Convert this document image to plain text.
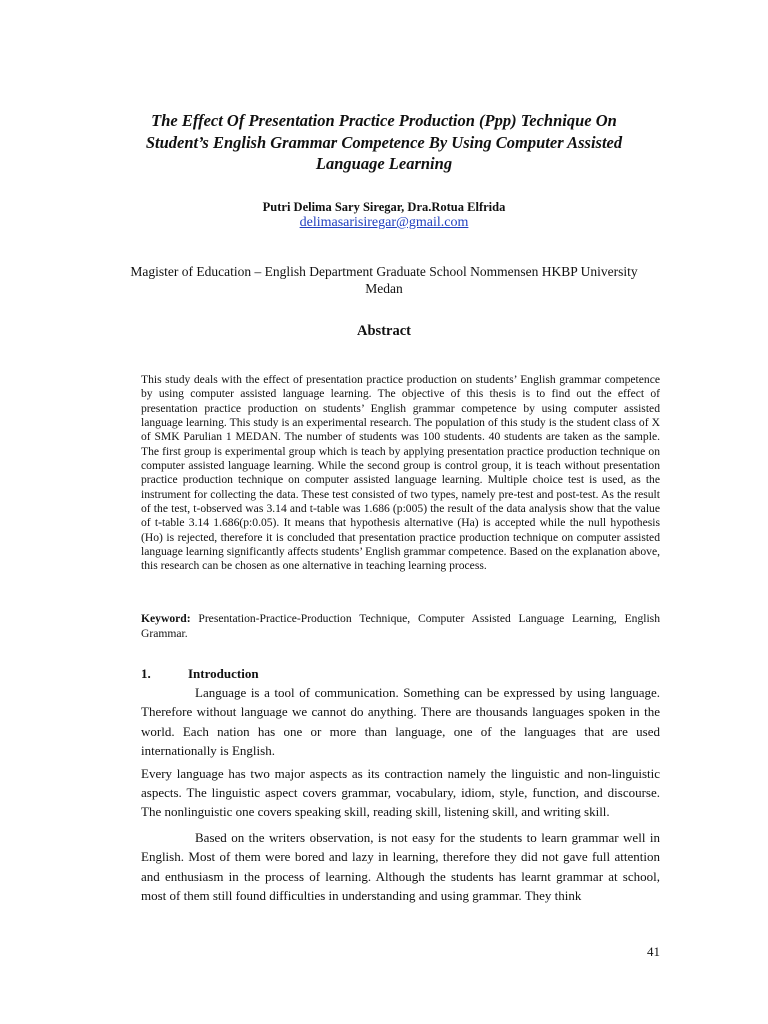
The Effect Of Presentation Practice Production (Ppp) Technique On Student’s English Grammar Competence By Using Computer Assisted Language Learning
Putri Delima Sary Siregar, Dra.Rotua Elfrida
delimasarisiregar@gmail.com
Magister of Education – English Department Graduate School Nommensen HKBP University Medan
Abstract

This study deals with the effect of presentation practice production on students’ English grammar competence by using computer assisted language learning. The objective of this thesis is to find out the effect of presentation practice production on students’ English grammar competence by using computer assisted language learning. This study is an experimental research. The population of this study is the student class of X of SMK Parulian 1 MEDAN. The number of students was 100 students. 40 students are taken as the sample. The first group is experimental group which is teach by applying presentation practice production technique on computer assisted language learning. While the second group is control group, it is teach without presentation practice production technique on computer assisted language learning. Multiple choice test is used, as the instrument for collecting the data. These test consisted of two types, namely pre-test and post-test. As the result of the test, t-observed was 3.14 and t-table was 1.686 (p:005) the result of the data analysis show that the value of t-table 3.14 1.686(p:0.05). It means that hypothesis alternative (Ha) is accepted while the null hypothesis (Ho) is rejected, therefore it is concluded that presentation practice production technique on computer assisted language learning significantly affects students’ English grammar competence. Based on the explanation above, this research can be chosen as one alternative in teaching learning process.

Keyword: Presentation-Practice-Production Technique, Computer Assisted Language Learning, English Grammar.

1.	Introduction

Language is a tool of communication. Something can be expressed by using language. Therefore without language we cannot do anything. There are thousands languages spoken in the world. Each nation has one or more than language, one of the languages that are used internationally is English.

Every language has two major aspects as its contraction namely the linguistic and non-linguistic aspects. The linguistic aspect covers grammar, vocabulary, idiom, style, function, and discourse. The nonlinguistic one covers speaking skill, reading skill, listening skill, and writing skill.

Based on the writers observation, is not easy for the students to learn grammar well in English. Most of them were bored and lazy in learning, therefore they did not gave full attention and enthusiasm in the process of learning. Although the students has learnt grammar at school, most of them still found difficulties in understanding and using grammar. They think

41
